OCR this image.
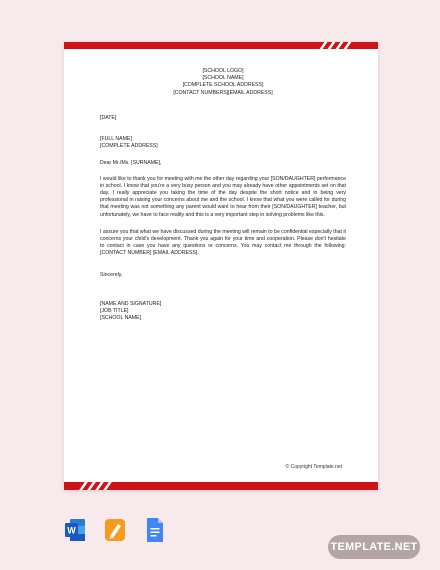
[SCHOOL LOGO]
[SCHOOL NAME]
[COMPLETE SCHOOL ADDRESS]
[CONTACT NUMBERS][EMAIL ADDRESS]
[DATE]
[FULL NAME]
[COMPLETE ADDRESS]
Dear Mr./Ms. [SURNAME],
I would like to thank you for meeting with me the other day regarding your [SON/DAUGHTER] performance in school. I know that you're a very busy person and you may already have other appointments set on that day. I really appreciate you taking the time of the day despite the short notice and in being very professional in raising your concerns about me and the school. I know that what you were called for during that meeting was not something any parent would want to hear from their [SON/DAUGHTER] teacher, but unfortunately, we have to face reality and this is a very important step in solving problems like this.
I assure you that what we have discussed during the meeting will remain to be confidential especially that it concerns your child's development. Thank you again for your time and cooperation. Please don't hesitate to contact in case you have any questions or concerns. You may contact me through the following: [CONTACT NUMBER] [EMAIL ADDRESS].
Sincerely,
[NAME AND SIGNATURE]
[JOB TITLE]
[SCHOOL NAME]
© Copyright Template.net
W
TEMPLATE.NET
